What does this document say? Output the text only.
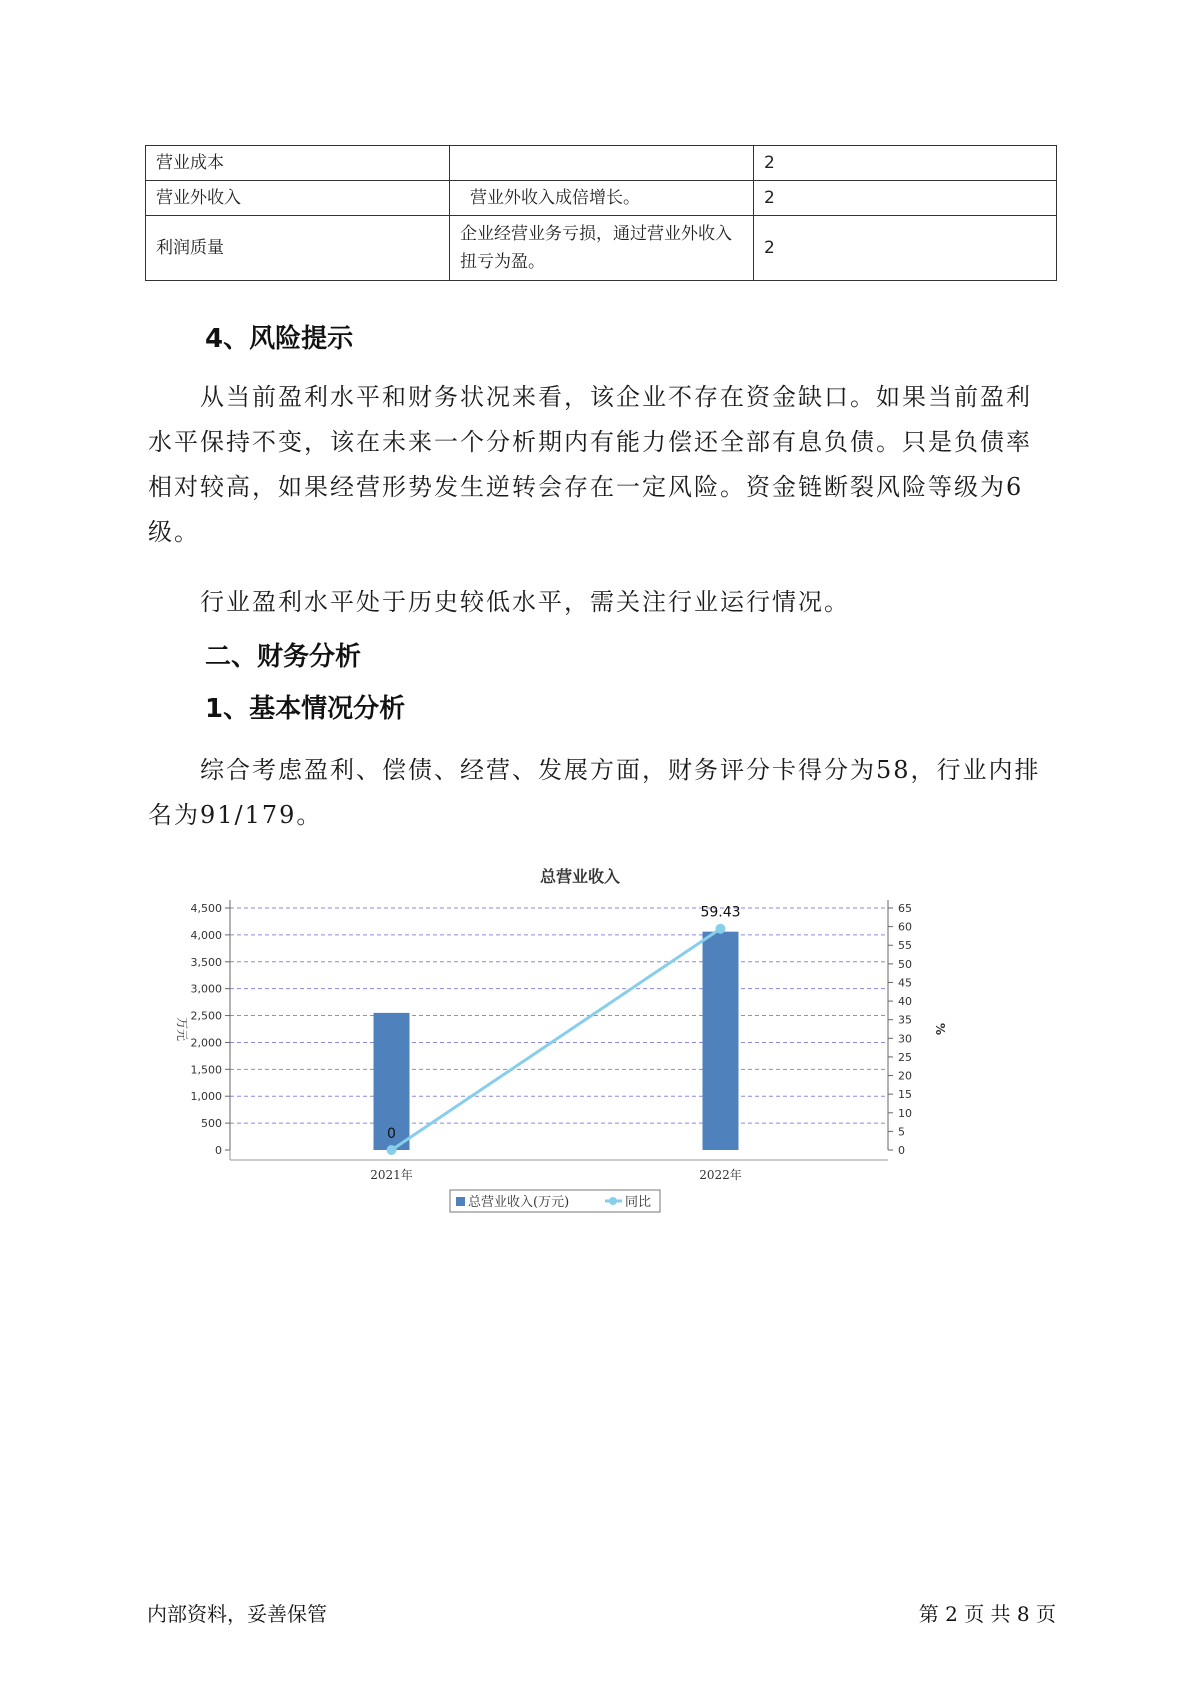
营业成本		2
营业外收入	营业外收入成倍增长。	2
利润质量	企业经营业务亏损，通过营业外收入扭亏为盈。	2
4、风险提示

从当前盈利水平和财务状况来看，该企业不存在资金缺口。如果当前盈利水平保持不变，该在未来一个分析期内有能力偿还全部有息负债。只是负债率相对较高，如果经营形势发生逆转会存在一定风险。资金链断裂风险等级为6级。

行业盈利水平处于历史较低水平，需关注行业运行情况。

二、财务分析
1、基本情况分析

综合考虑盈利、偿债、经营、发展方面，财务评分卡得分为58，行业内排名为91/179。

总营业收入
0
500
1,000
1,500
2,000
2,500
3,000
3,500
4,000
4,500
0
5
10
15
20
25
30
35
40
45
50
55
60
65
万元	%
2021年	2022年
0
59.43
总营业收入(万元)	同比
内部资料，妥善保管	第 2 页 共 8 页
